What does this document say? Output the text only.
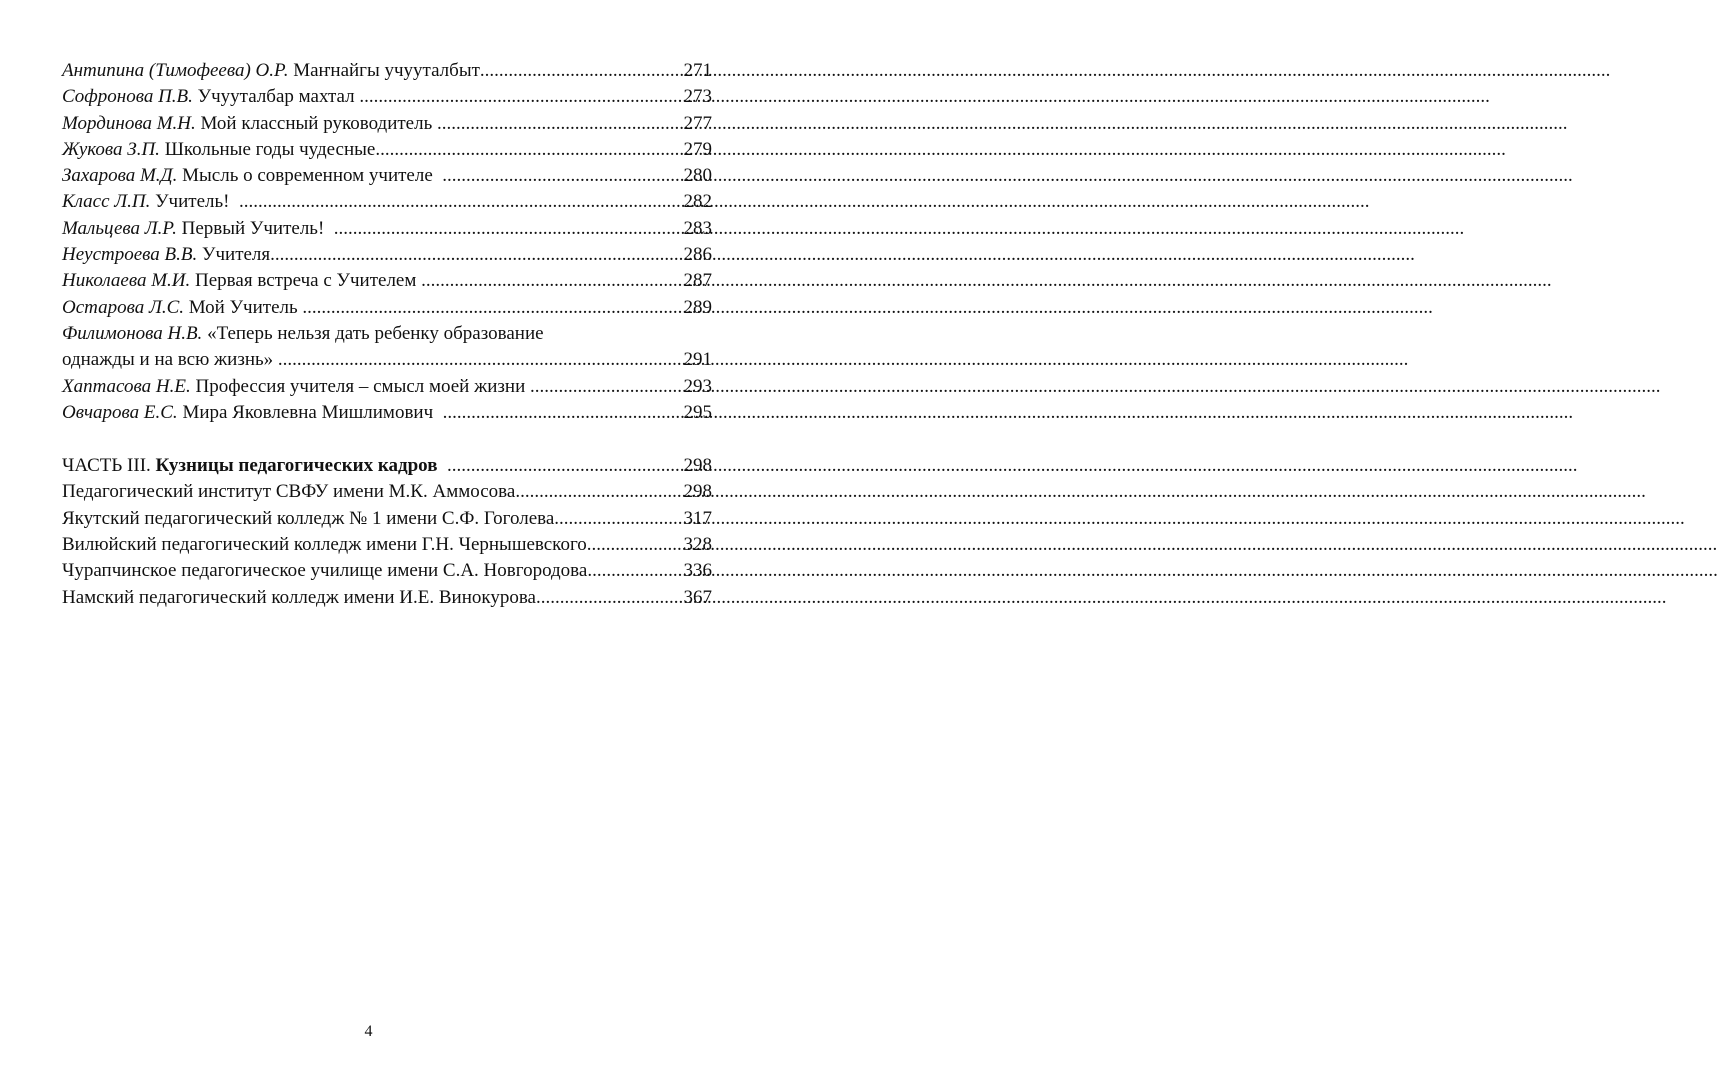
Антипина (Тимофеева) О.Р. Маҥнайгы учууталбыт .....	271
Софронова П.В. Учууталбар махтал .....	273
Мординова М.Н. Мой классный руководитель .....	277
Жукова З.П. Школьные годы чудесные .....	279
Захарова М.Д. Мысль о современном учителе .....	280
Класс Л.П. Учитель! .....	282
Мальцева Л.Р. Первый Учитель! .....	283
Неустроева В.В. Учителя... .....	286
Николаева М.И. Первая встреча с Учителем .....	287
Остарова Л.С. Мой Учитель .....	289
Филимонова Н.В. «Теперь нельзя дать ребенку образование
однажды и на всю жизнь» .....	291
Хаптасова Н.Е. Профессия учителя – смысл моей жизни .....	293
Овчарова Е.С. Мира Яковлевна Мишлимович .....	295
ЧАСТЬ III. Кузницы педагогических кадров .....	298
Педагогический институт СВФУ имени М.К. Аммосова .....	298
Якутский педагогический колледж № 1 имени С.Ф. Гоголева .....	317
Вилюйский педагогический колледж имени Г.Н. Чернышевского .....	328
Чурапчинское педагогическое училище имени С.А. Новгородова .....	336
Намский педагогический колледж имени И.Е. Винокурова .....	367
4
